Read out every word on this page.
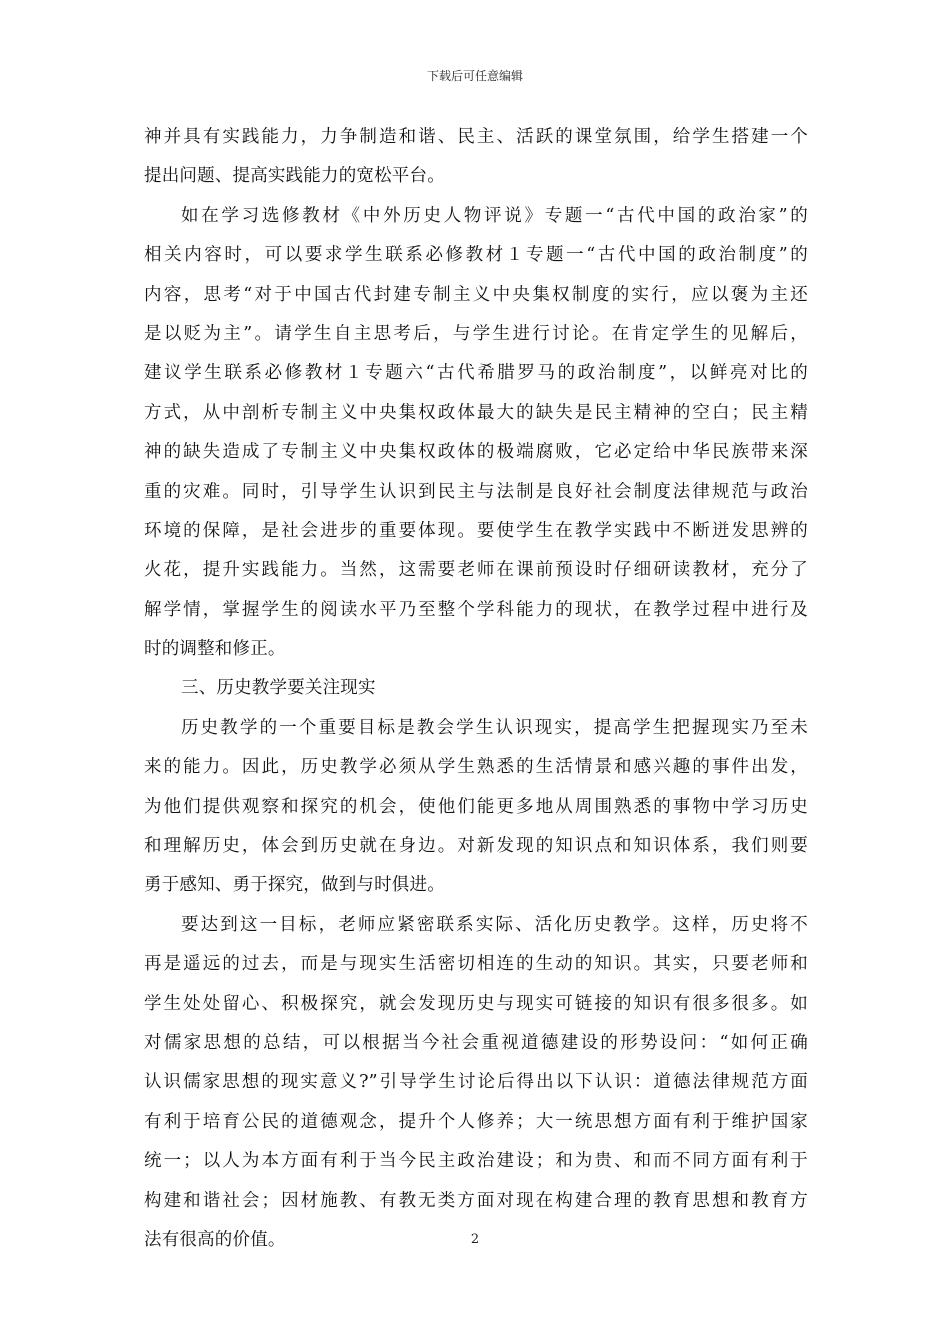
下载后可任意编辑
神并具有实践能力，力争制造和谐、民主、活跃的课堂氛围，给学生搭建一个
提出问题、提高实践能力的宽松平台。
如在学习选修教材《中外历史人物评说》专题一“古代中国的政治家”的
相关内容时，可以要求学生联系必修教材１专题一“古代中国的政治制度”的
内容，思考“对于中国古代封建专制主义中央集权制度的实行，应以褒为主还
是以贬为主”。请学生自主思考后，与学生进行讨论。在肯定学生的见解后，
建议学生联系必修教材１专题六“古代希腊罗马的政治制度”，以鲜亮对比的
方式，从中剖析专制主义中央集权政体最大的缺失是民主精神的空白；民主精
神的缺失造成了专制主义中央集权政体的极端腐败，它必定给中华民族带来深
重的灾难。同时，引导学生认识到民主与法制是良好社会制度法律规范与政治
环境的保障，是社会进步的重要体现。要使学生在教学实践中不断迸发思辨的
火花，提升实践能力。当然，这需要老师在课前预设时仔细研读教材，充分了
解学情，掌握学生的阅读水平乃至整个学科能力的现状，在教学过程中进行及
时的调整和修正。
三、历史教学要关注现实
历史教学的一个重要目标是教会学生认识现实，提高学生把握现实乃至未
来的能力。因此，历史教学必须从学生熟悉的生活情景和感兴趣的事件出发，
为他们提供观察和探究的机会，使他们能更多地从周围熟悉的事物中学习历史
和理解历史，体会到历史就在身边。对新发现的知识点和知识体系，我们则要
勇于感知、勇于探究，做到与时俱进。
要达到这一目标，老师应紧密联系实际、活化历史教学。这样，历史将不
再是遥远的过去，而是与现实生活密切相连的生动的知识。其实，只要老师和
学生处处留心、积极探究，就会发现历史与现实可链接的知识有很多很多。如
对儒家思想的总结，可以根据当今社会重视道德建设的形势设问：“如何正确
认识儒家思想的现实意义?”引导学生讨论后得出以下认识：道德法律规范方面
有利于培育公民的道德观念，提升个人修养；大一统思想方面有利于维护国家
统一；以人为本方面有利于当今民主政治建设；和为贵、和而不同方面有利于
构建和谐社会；因材施教、有教无类方面对现在构建合理的教育思想和教育方
法有很高的价值。	2
